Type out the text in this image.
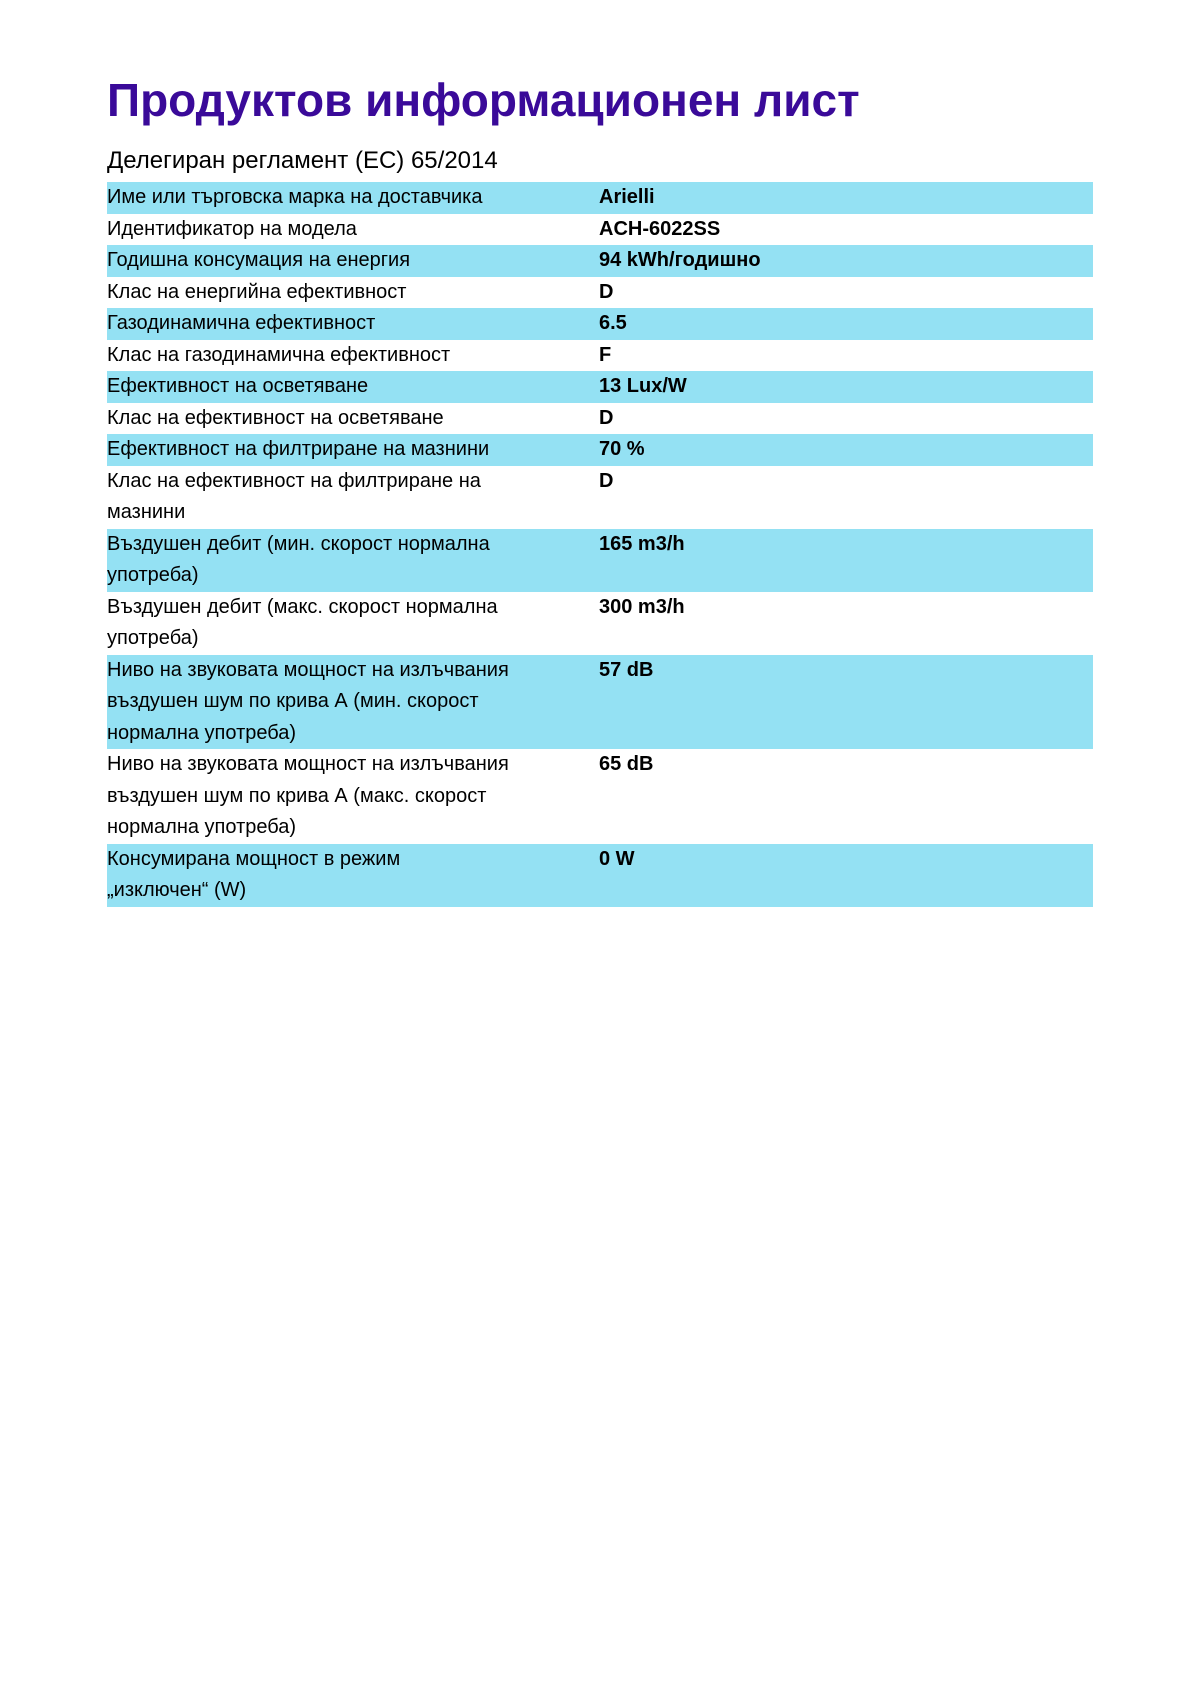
Продуктов информационен лист
Делегиран регламент (ЕС) 65/2014
Име или търговска марка на доставчика	Arielli
Идентификатор на модела	ACH-6022SS
Годишна консумация на енергия	94 kWh/годишно
Клас на енергийна ефективност	D
Газодинамична ефективност	6.5
Клас на газодинамична ефективност	F
Ефективност на осветяване	13 Lux/W
Клас на ефективност на осветяване	D
Ефективност на филтриране на мазнини	70 %
Клас на ефективност на филтриране на
мазнини	D
Въздушен дебит (мин. скорост нормална
употреба)	165 m3/h
Въздушен дебит (макс. скорост нормална
употреба)	300 m3/h
Ниво на звуковата мощност на излъчвания
въздушен шум по крива А (мин. скорост
нормална употреба)	57 dB
Ниво на звуковата мощност на излъчвания
въздушен шум по крива А (макс. скорост
нормална употреба)	65 dB
Консумирана мощност в режим
„изключен“ (W)	0 W
